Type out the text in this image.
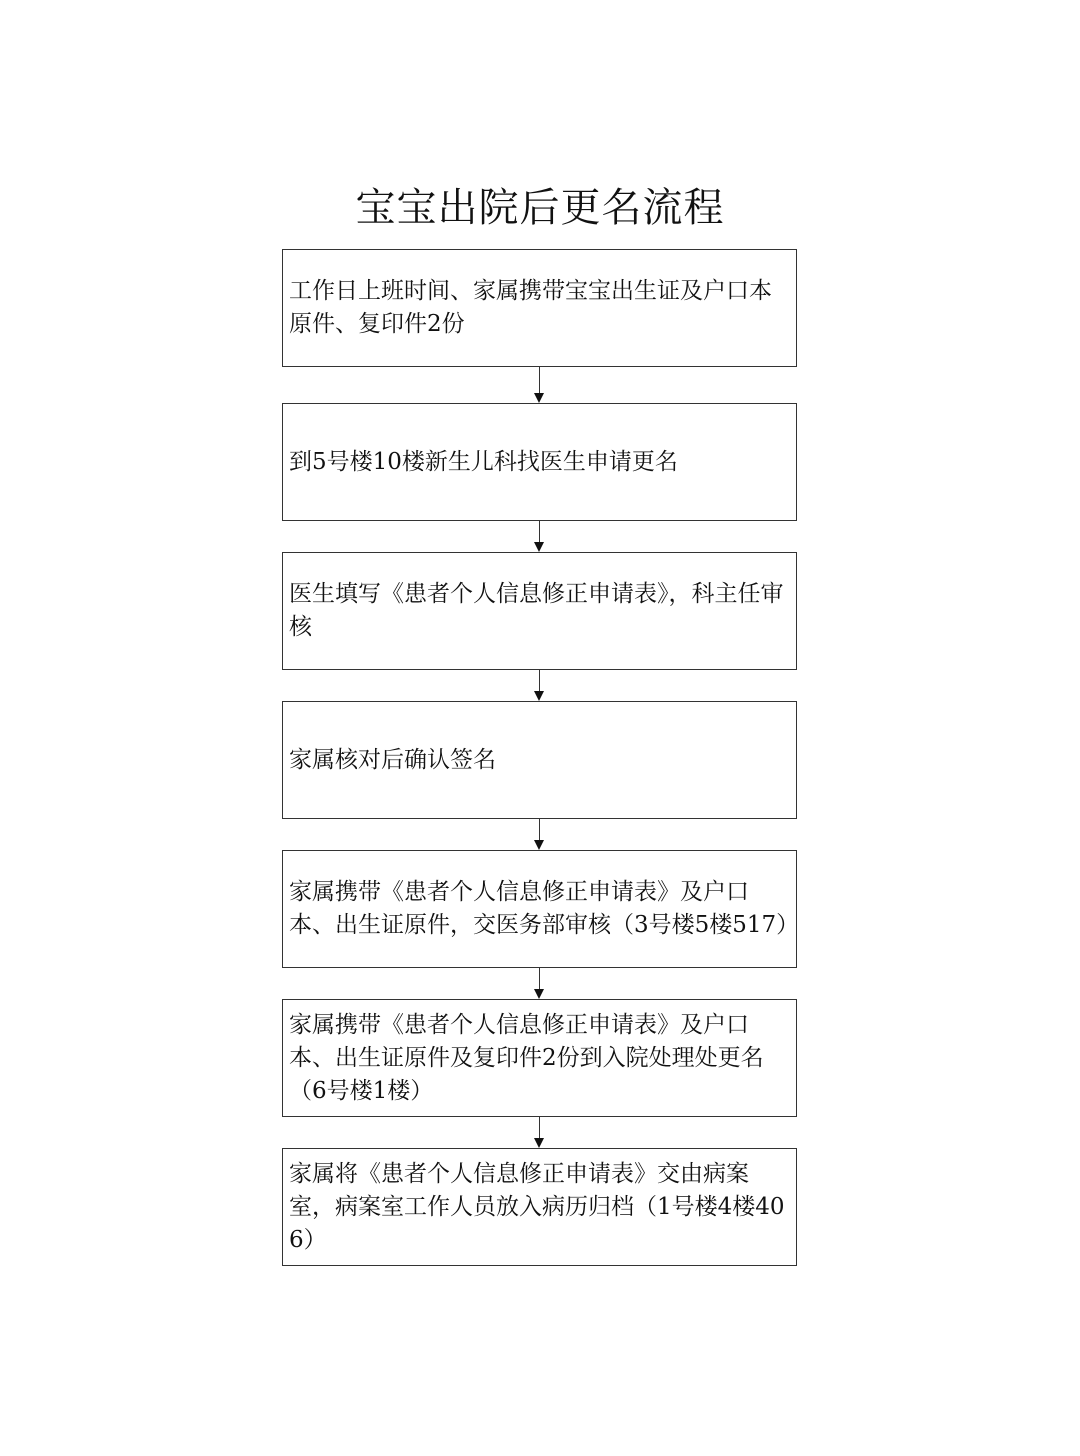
宝宝出院后更名流程
工作日上班时间、家属携带宝宝出生证及户口本原件、复印件2份
到5号楼10楼新生儿科找医生申请更名
医生填写《患者个人信息修正申请表》，科主任审核
家属核对后确认签名
家属携带《患者个人信息修正申请表》及户口本、出生证原件，交医务部审核（3号楼5楼517）
家属携带《患者个人信息修正申请表》及户口本、出生证原件及复印件2份到入院处理处更名（6号楼1楼）
家属将《患者个人信息修正申请表》交由病案室，病案室工作人员放入病历归档（1号楼4楼406）
